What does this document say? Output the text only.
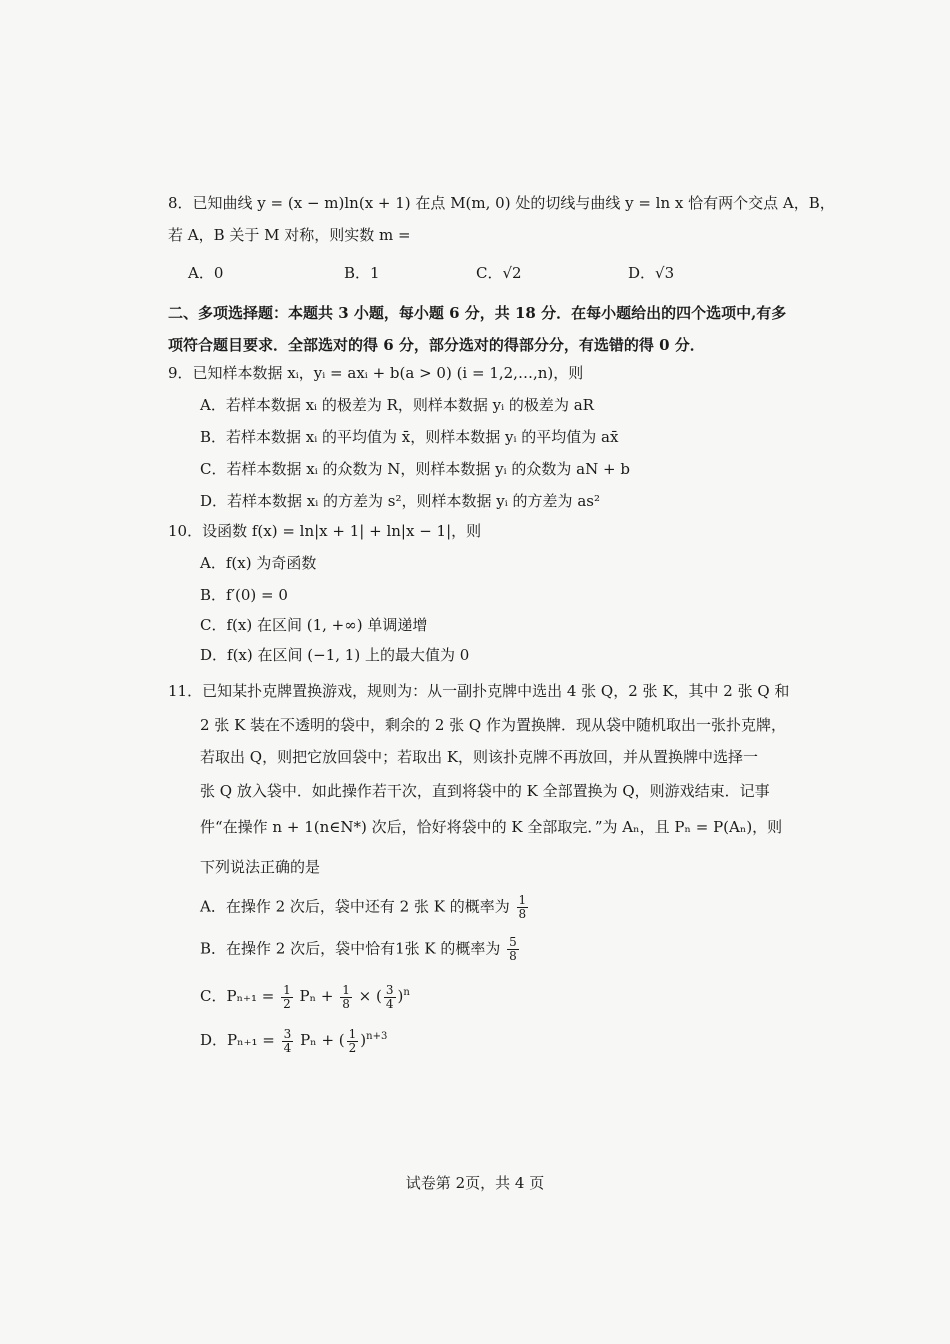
8．已知曲线 y = (x − m)ln(x + 1) 在点 M(m, 0) 处的切线与曲线 y = ln x 恰有两个交点 A，B，
若 A，B 关于 M 对称，则实数 m =
A．0	B．1	C．√2	D．√3
二、多项选择题：本题共 3 小题，每小题 6 分，共 18 分．在每小题给出的四个选项中,有多
项符合题目要求．全部选对的得 6 分，部分选对的得部分分，有选错的得 0 分．
9．已知样本数据 xᵢ，yᵢ = axᵢ + b(a > 0) (i = 1,2,…,n)，则
A．若样本数据 xᵢ 的极差为 R，则样本数据 yᵢ 的极差为 aR
B．若样本数据 xᵢ 的平均值为 x̄，则样本数据 yᵢ 的平均值为 ax̄
C．若样本数据 xᵢ 的众数为 N，则样本数据 yᵢ 的众数为 aN + b
D．若样本数据 xᵢ 的方差为 s²，则样本数据 yᵢ 的方差为 as²
10．设函数 f(x) = ln|x + 1| + ln|x − 1|，则
A．f(x) 为奇函数
B．f′(0) = 0
C．f(x) 在区间 (1, +∞) 单调递增
D．f(x) 在区间 (−1, 1) 上的最大值为 0
11．已知某扑克牌置换游戏，规则为：从一副扑克牌中选出 4 张 Q，2 张 K，其中 2 张 Q 和
2 张 K 装在不透明的袋中，剩余的 2 张 Q 作为置换牌．现从袋中随机取出一张扑克牌，
若取出 Q，则把它放回袋中；若取出 K，则该扑克牌不再放回，并从置换牌中选择一
张 Q 放入袋中．如此操作若干次，直到将袋中的 K 全部置换为 Q，则游戏结束．记事
件“在操作 n + 1(n∈N*) 次后，恰好将袋中的 K 全部取完．”为 Aₙ，且 Pₙ = P(Aₙ)，则
下列说法正确的是
A．在操作 2 次后，袋中还有 2 张 K 的概率为 $\frac{1}{8}$
B．在操作 2 次后，袋中恰有1张 K 的概率为 $\frac{5}{8}$
C．$P_{n+1} = \frac{1}{2}$ $P_n + \frac{1}{8}$ × ( $\frac{3}{4} )^n$
D．$P_{n+1} = \frac{3}{4}$ Pₙ + ( $\frac{1}{2} )^{n+3}$
试卷第 2页，共 4 页
